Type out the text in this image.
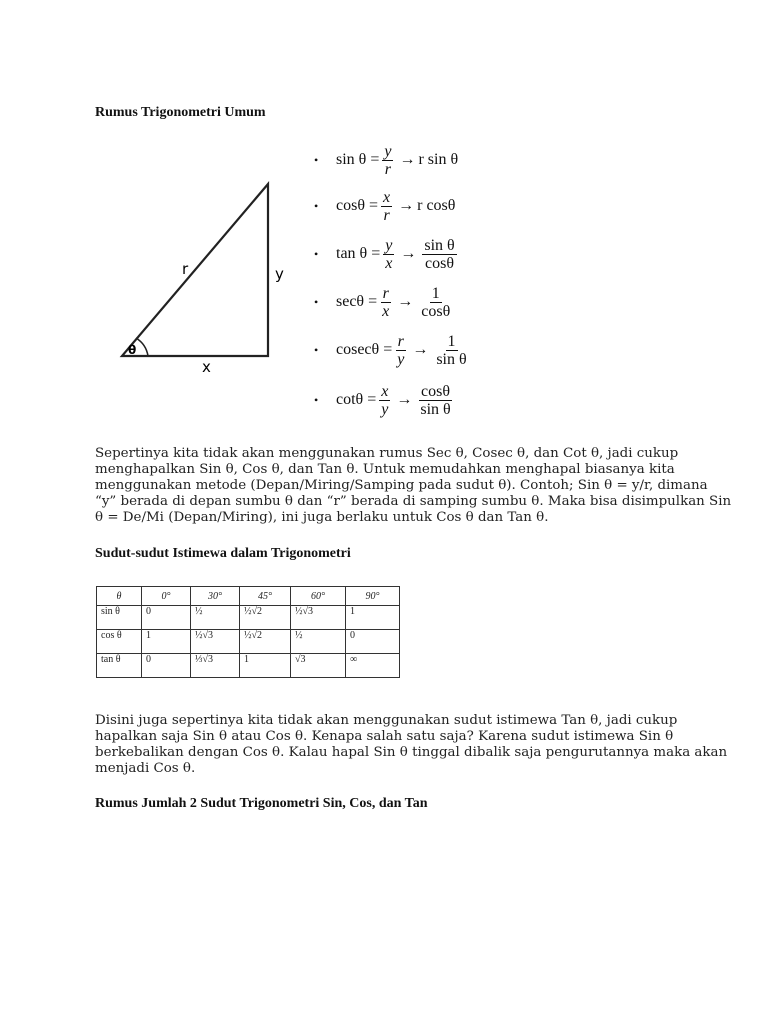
Rumus Trigonometri Umum
r	y
x
θ
•	$\sin \theta = \frac{y}{r} \to r$ sin θ
•	$\cos\theta = \frac{x}{r} \to r$ cosθ
•	$\tan \theta = \frac{y}{x} \to \frac{\text{sin θ}}{\cos\theta}$
•	$\sec\theta = \frac{r}{x} \to \frac{1}{\cos\theta}$
•	$cosec\theta = \frac{r}{y} \to \frac{1}{\text{sin θ}}$
•	$\cot\theta = \frac{x}{y} \to \frac{\cos\theta}{\text{sin θ}}$
Sepertinya kita tidak akan menggunakan rumus Sec θ, Cosec θ, dan Cot θ, jadi cukup
menghapalkan Sin θ, Cos θ, dan Tan θ. Untuk memudahkan menghapal biasanya kita
menggunakan metode (Depan/Miring/Samping pada sudut θ). Contoh; Sin θ = y/r, dimana
“y” berada di depan sumbu θ dan “r” berada di samping sumbu θ. Maka bisa disimpulkan Sin
θ = De/Mi (Depan/Miring), ini juga berlaku untuk Cos θ dan Tan θ.
Sudut-sudut Istimewa dalam Trigonometri
θ	0°	30°	45°	60°	90°
sin θ	0	½	½√2	½√3	1
cos θ	1	½√3	½√2	½	0
tan θ	0	⅓√3	1	√3	∞
Disini juga sepertinya kita tidak akan menggunakan sudut istimewa Tan θ, jadi cukup
hapalkan saja Sin θ atau Cos θ. Kenapa salah satu saja? Karena sudut istimewa Sin θ
berkebalikan dengan Cos θ. Kalau hapal Sin θ tinggal dibalik saja pengurutannya maka akan
menjadi Cos θ.
Rumus Jumlah 2 Sudut Trigonometri Sin, Cos, dan Tan
